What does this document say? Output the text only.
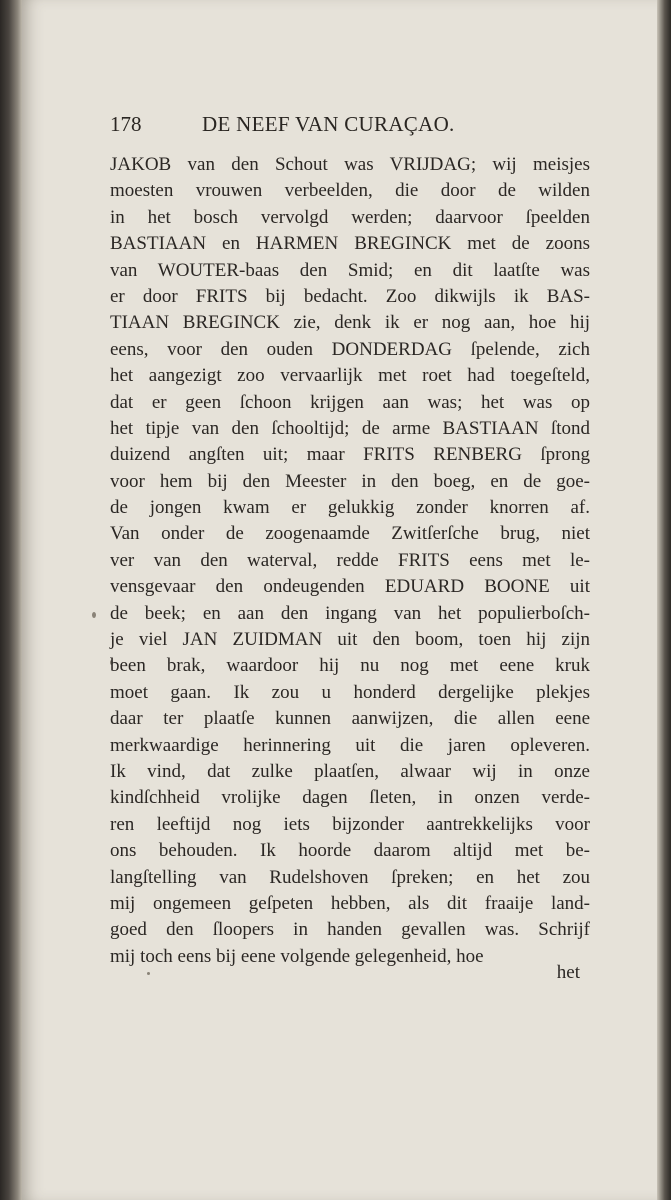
178	DE NEEF VAN CURAÇAO.
JAKOB van den Schout was VRIJDAG; wij meisjes
moesten vrouwen verbeelden, die door de wilden
in het bosch vervolgd werden; daarvoor ſpeelden
BASTIAAN en HARMEN BREGINCK met de zoons
van WOUTER-baas den Smid; en dit laatſte was
er door FRITS bij bedacht. Zoo dikwijls ik BAS-
TIAAN BREGINCK zie, denk ik er nog aan, hoe hij
eens, voor den ouden DONDERDAG ſpelende, zich
het aangezigt zoo vervaarlijk met roet had toegeſteld,
dat er geen ſchoon krijgen aan was; het was op
het tipje van den ſchooltijd; de arme BASTIAAN ſtond
duizend angſten uit; maar FRITS RENBERG ſprong
voor hem bij den Meester in den boeg, en de goe-
de jongen kwam er gelukkig zonder knorren af.
Van onder de zoogenaamde Zwitſerſche brug, niet
ver van den waterval, redde FRITS eens met le-
vensgevaar den ondeugenden EDUARD BOONE uit
de beek; en aan den ingang van het populierboſch-
je viel JAN ZUIDMAN uit den boom, toen hij zijn
been brak, waardoor hij nu nog met eene kruk
moet gaan. Ik zou u honderd dergelijke plekjes
daar ter plaatſe kunnen aanwijzen, die allen eene
merkwaardige herinnering uit die jaren opleveren.
Ik vind, dat zulke plaatſen, alwaar wij in onze
kindſchheid vrolijke dagen ſleten, in onzen verde-
ren leeftijd nog iets bijzonder aantrekkelijks voor
ons behouden. Ik hoorde daarom altijd met be-
langſtelling van Rudelshoven ſpreken; en het zou
mij ongemeen geſpeten hebben, als dit fraaije land-
goed den ſloopers in handen gevallen was. Schrijf
mij toch eens bij eene volgende gelegenheid, hoe
het
